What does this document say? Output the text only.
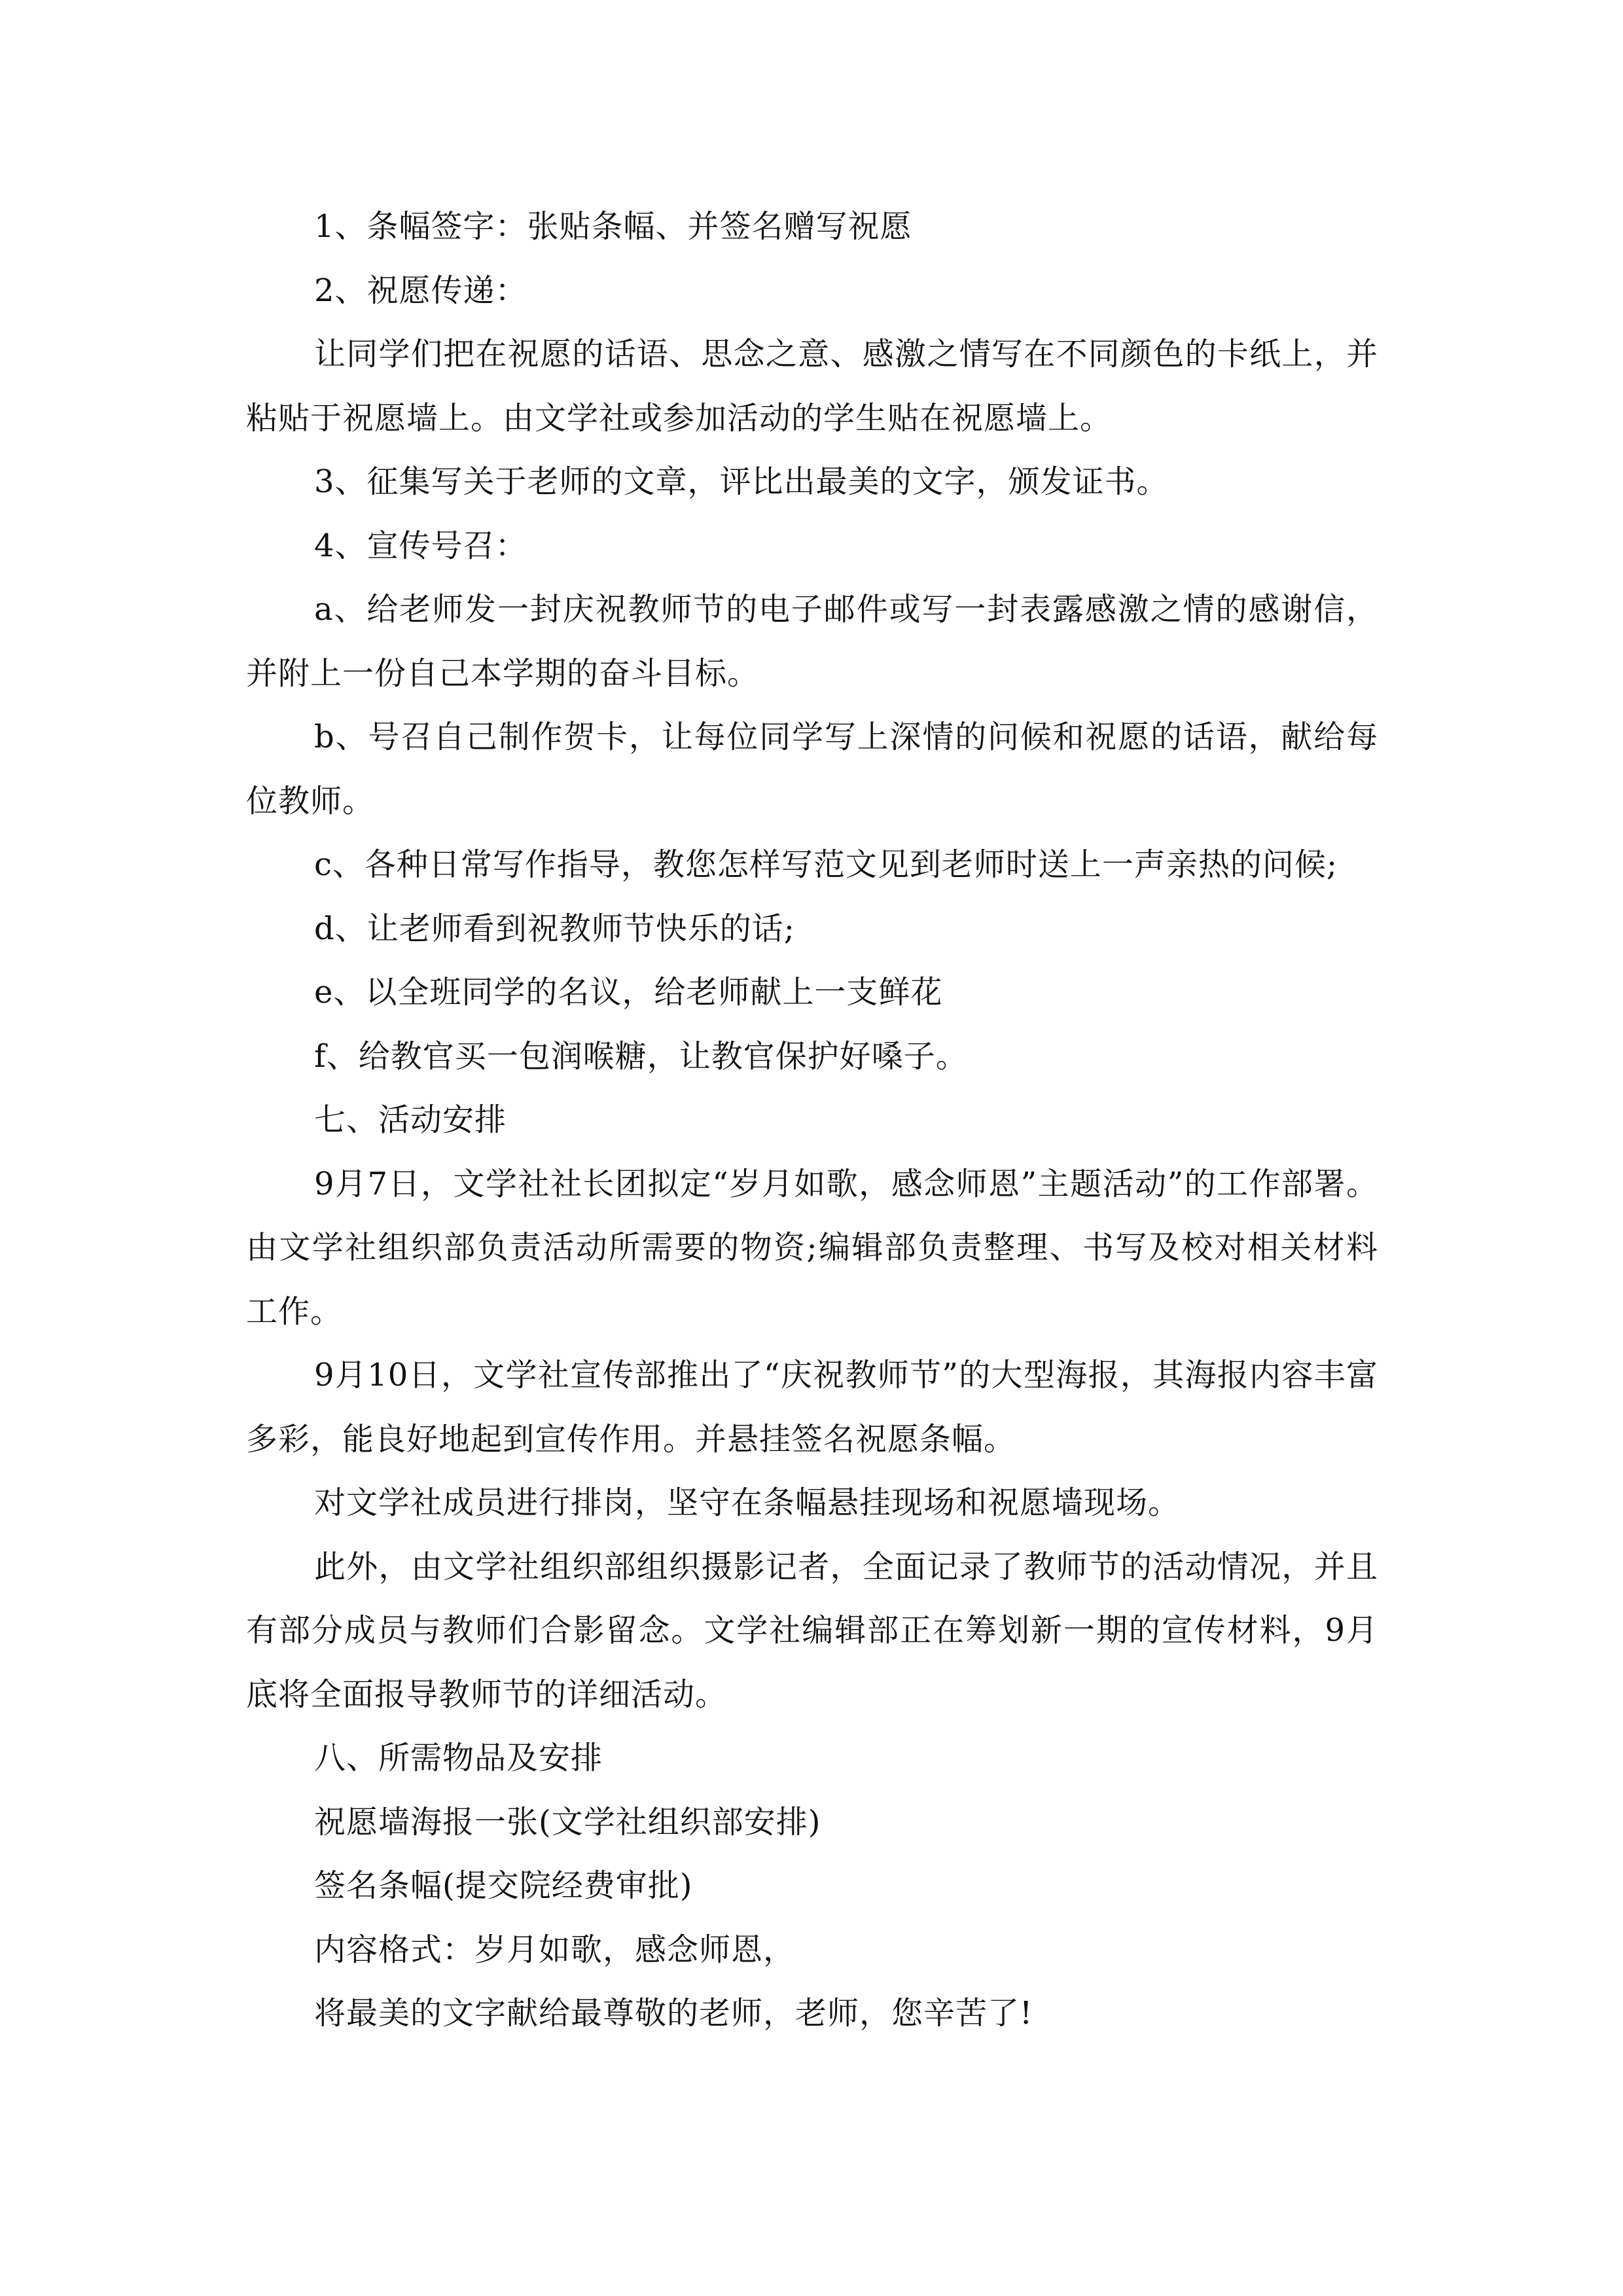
1、条幅签字：张贴条幅、并签名赠写祝愿

2、祝愿传递：

让同学们把在祝愿的话语、思念之意、感激之情写在不同颜色的卡纸上，并粘贴于祝愿墙上。由文学社或参加活动的学生贴在祝愿墙上。

3、征集写关于老师的文章，评比出最美的文字，颁发证书。

4、宣传号召：

a、给老师发一封庆祝教师节的电子邮件或写一封表露感激之情的感谢信，并附上一份自己本学期的奋斗目标。

b、号召自己制作贺卡，让每位同学写上深情的问候和祝愿的话语，献给每位教师。

c、各种日常写作指导，教您怎样写范文见到老师时送上一声亲热的问候;

d、让老师看到祝教师节快乐的话;

e、以全班同学的名议，给老师献上一支鲜花

f、给教官买一包润喉糖，让教官保护好嗓子。

七、活动安排

9月7日，文学社社长团拟定“岁月如歌，感念师恩”主题活动”的工作部署。由文学社组织部负责活动所需要的物资;编辑部负责整理、书写及校对相关材料工作。

9月10日，文学社宣传部推出了“庆祝教师节”的大型海报，其海报内容丰富多彩，能良好地起到宣传作用。并悬挂签名祝愿条幅。

对文学社成员进行排岗，坚守在条幅悬挂现场和祝愿墙现场。

此外，由文学社组织部组织摄影记者，全面记录了教师节的活动情况，并且有部分成员与教师们合影留念。文学社编辑部正在筹划新一期的宣传材料，9月底将全面报导教师节的详细活动。

八、所需物品及安排

祝愿墙海报一张(文学社组织部安排)

签名条幅(提交院经费审批)

内容格式：岁月如歌，感念师恩，

将最美的文字献给最尊敬的老师，老师，您辛苦了!
